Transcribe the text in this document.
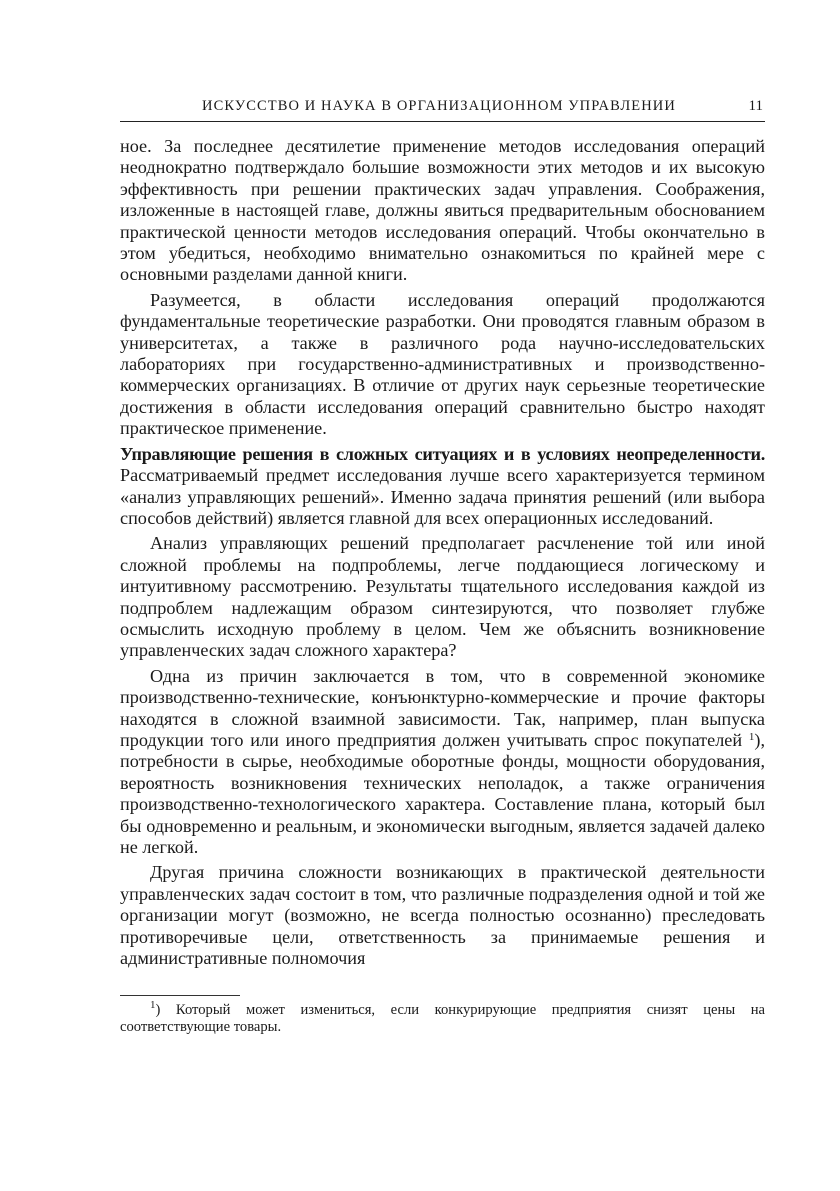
ИСКУССТВО И НАУКА В ОРГАНИЗАЦИОННОМ УПРАВЛЕНИИ	11

ное. За последнее десятилетие применение методов исследования операций неоднократно подтверждало большие возможности этих методов и их высокую эффективность при решении практических задач управления. Соображения, изложенные в настоящей главе, должны явиться предварительным обоснованием практической ценности методов исследования операций. Чтобы окончательно в этом убедиться, необходимо внимательно ознакомиться по крайней мере с основными разделами данной книги.

Разумеется, в области исследования операций продолжаются фундаментальные теоретические разработки. Они проводятся главным образом в университетах, а также в различного рода научно-исследовательских лабораториях при государственно-административных и производственно-коммерческих организациях. В отличие от других наук серьезные теоретические достижения в области исследования операций сравнительно быстро находят практическое применение.

Управляющие решения в сложных ситуациях и в условиях неопределенности. Рассматриваемый предмет исследования лучше всего характеризуется термином «анализ управляющих решений». Именно задача принятия решений (или выбора способов действий) является главной для всех операционных исследований.

Анализ управляющих решений предполагает расчленение той или иной сложной проблемы на подпроблемы, легче поддающиеся логическому и интуитивному рассмотрению. Результаты тщательного исследования каждой из подпроблем надлежащим образом синтезируются, что позволяет глубже осмыслить исходную проблему в целом. Чем же объяснить возникновение управленческих задач сложного характера?

Одна из причин заключается в том, что в современной экономике производственно-технические, конъюнктурно-коммерческие и прочие факторы находятся в сложной взаимной зависимости. Так, например, план выпуска продукции того или иного предприятия должен учитывать спрос покупателей $^1$), потребности в сырье, необходимые оборотные фонды, мощности оборудования, вероятность возникновения технических неполадок, а также ограничения производственно-технологического характера. Составление плана, который был бы одновременно и реальным, и экономически выгодным, является задачей далеко не легкой.

Другая причина сложности возникающих в практической деятельности управленческих задач состоит в том, что различные подразделения одной и той же организации могут (возможно, не всегда полностью осознанно) преследовать противоречивые цели, ответственность за принимаемые решения и административные полномочия

$^1$) Который может измениться, если конкурирующие предприятия снизят цены на соответствующие товары.
